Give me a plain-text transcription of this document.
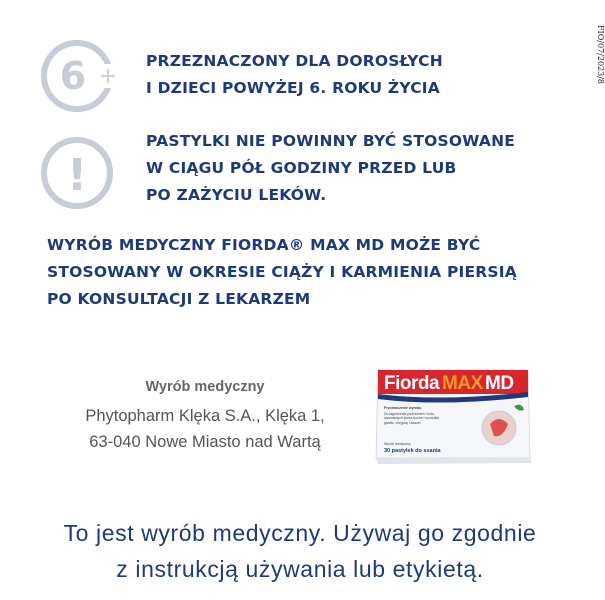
FIO/07/2023/8
6 +
PRZEZNACZONY DLA DOROSŁYCH
I DZIECI POWYŻEJ 6. ROKU ŻYCIA
!
PASTYLKI NIE POWINNY BYĆ STOSOWANE
W CIĄGU PÓŁ GODZINY PRZED LUB
PO ZAŻYCIU LEKÓW.
WYRÓB MEDYCZNY FIORDA® MAX MD MOŻE BYĆ
STOSOWANY W OKRESIE CIĄŻY I KARMIENIA PIERSIĄ
PO KONSULTACJI Z LEKARZEM
Wyrób medyczny
Phytopharm Klęka S.A., Klęka 1,
63-040 Nowe Miasto nad Wartą
Fiorda MAX MD
Przeznaczenie wyrobu
Do łagodzenia podrażnień i bólu, wywołanych przez suche i szorstkie gardło, chrypkę i kaszel
Wyrób medyczny
30 pastylek do ssania
To jest wyrób medyczny. Używaj go zgodnie
z instrukcją używania lub etykietą.
